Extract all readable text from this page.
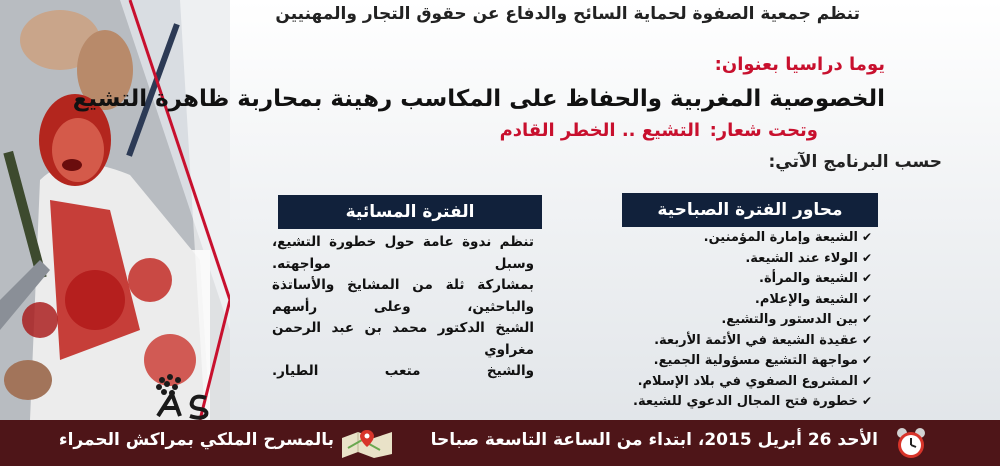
تنظم جمعية الصفوة لحماية السائح والدفاع عن حقوق التجار والمهنيين
يوما دراسيا بعنوان:
الخصوصية المغربية والحفاظ على المكاسب رهينة بمحاربة ظاهرة التشيع
وتحت شعار:
التشيع .. الخطر القادم
حسب البرنامج الآتي:
محاور الفترة الصباحية
✔الشيعة وإمارة المؤمنين.
✔الولاء عند الشيعة.
✔الشيعة والمرأة.
✔الشيعة والإعلام.
✔بين الدستور والتشيع.
✔عقيدة الشيعة في الأئمة الأربعة.
✔مواجهة التشيع مسؤولية الجميع.
✔المشروع الصفوي في بلاد الإسلام.
✔خطورة فتح المجال الدعوي للشيعة.
الفترة المسائية
تنظم ندوة عامة حول خطورة التشيع،
وسبل مواجهته.
بمشاركة ثلة من المشايخ والأساتذة
والباحثين، وعلى رأسهم
الشيخ الدكتور محمد بن عبد الرحمن
مغراوي
والشيخ متعب الطيار.
الأحد 26 أبريل 2015، ابتداء من الساعة التاسعة صباحا
بالمسرح الملكي بمراكش الحمراء
